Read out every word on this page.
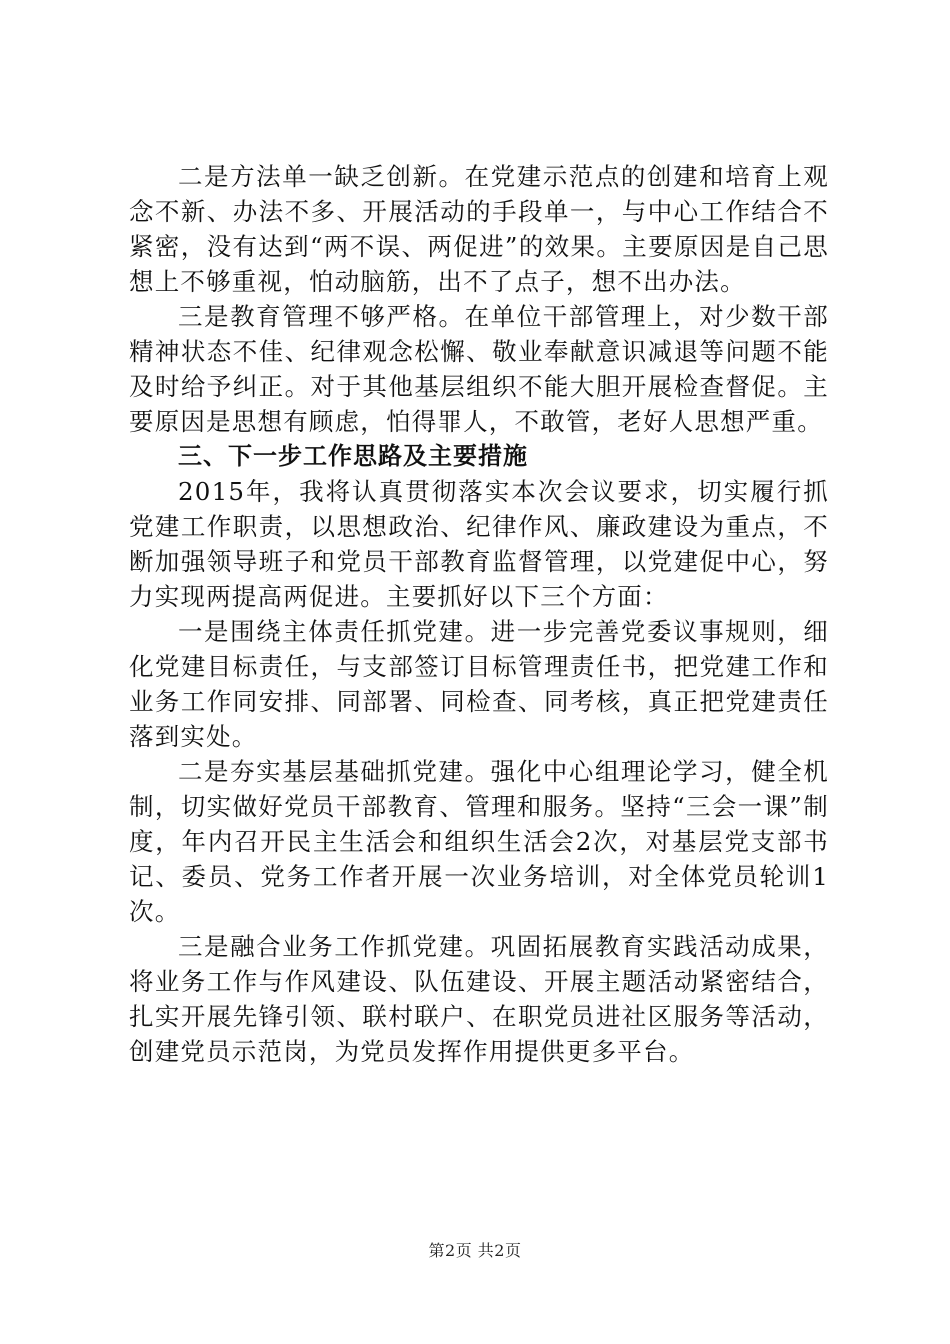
二是方法单一缺乏创新。在党建示范点的创建和培育上观念不新、办法不多、开展活动的手段单一，与中心工作结合不紧密，没有达到“两不误、两促进”的效果。主要原因是自己思想上不够重视，怕动脑筋，出不了点子，想不出办法。

三是教育管理不够严格。在单位干部管理上，对少数干部精神状态不佳、纪律观念松懈、敬业奉献意识减退等问题不能及时给予纠正。对于其他基层组织不能大胆开展检查督促。主要原因是思想有顾虑，怕得罪人，不敢管，老好人思想严重。

三、下一步工作思路及主要措施

2015年，我将认真贯彻落实本次会议要求，切实履行抓党建工作职责，以思想政治、纪律作风、廉政建设为重点，不断加强领导班子和党员干部教育监督管理，以党建促中心，努力实现两提高两促进。主要抓好以下三个方面：

一是围绕主体责任抓党建。进一步完善党委议事规则，细化党建目标责任，与支部签订目标管理责任书，把党建工作和业务工作同安排、同部署、同检查、同考核，真正把党建责任落到实处。

二是夯实基层基础抓党建。强化中心组理论学习，健全机制，切实做好党员干部教育、管理和服务。坚持“三会一课”制度，年内召开民主生活会和组织生活会2次，对基层党支部书记、委员、党务工作者开展一次业务培训，对全体党员轮训1次。

三是融合业务工作抓党建。巩固拓展教育实践活动成果，将业务工作与作风建设、队伍建设、开展主题活动紧密结合，扎实开展先锋引领、联村联户、在职党员进社区服务等活动，创建党员示范岗，为党员发挥作用提供更多平台。

第2页 共2页
